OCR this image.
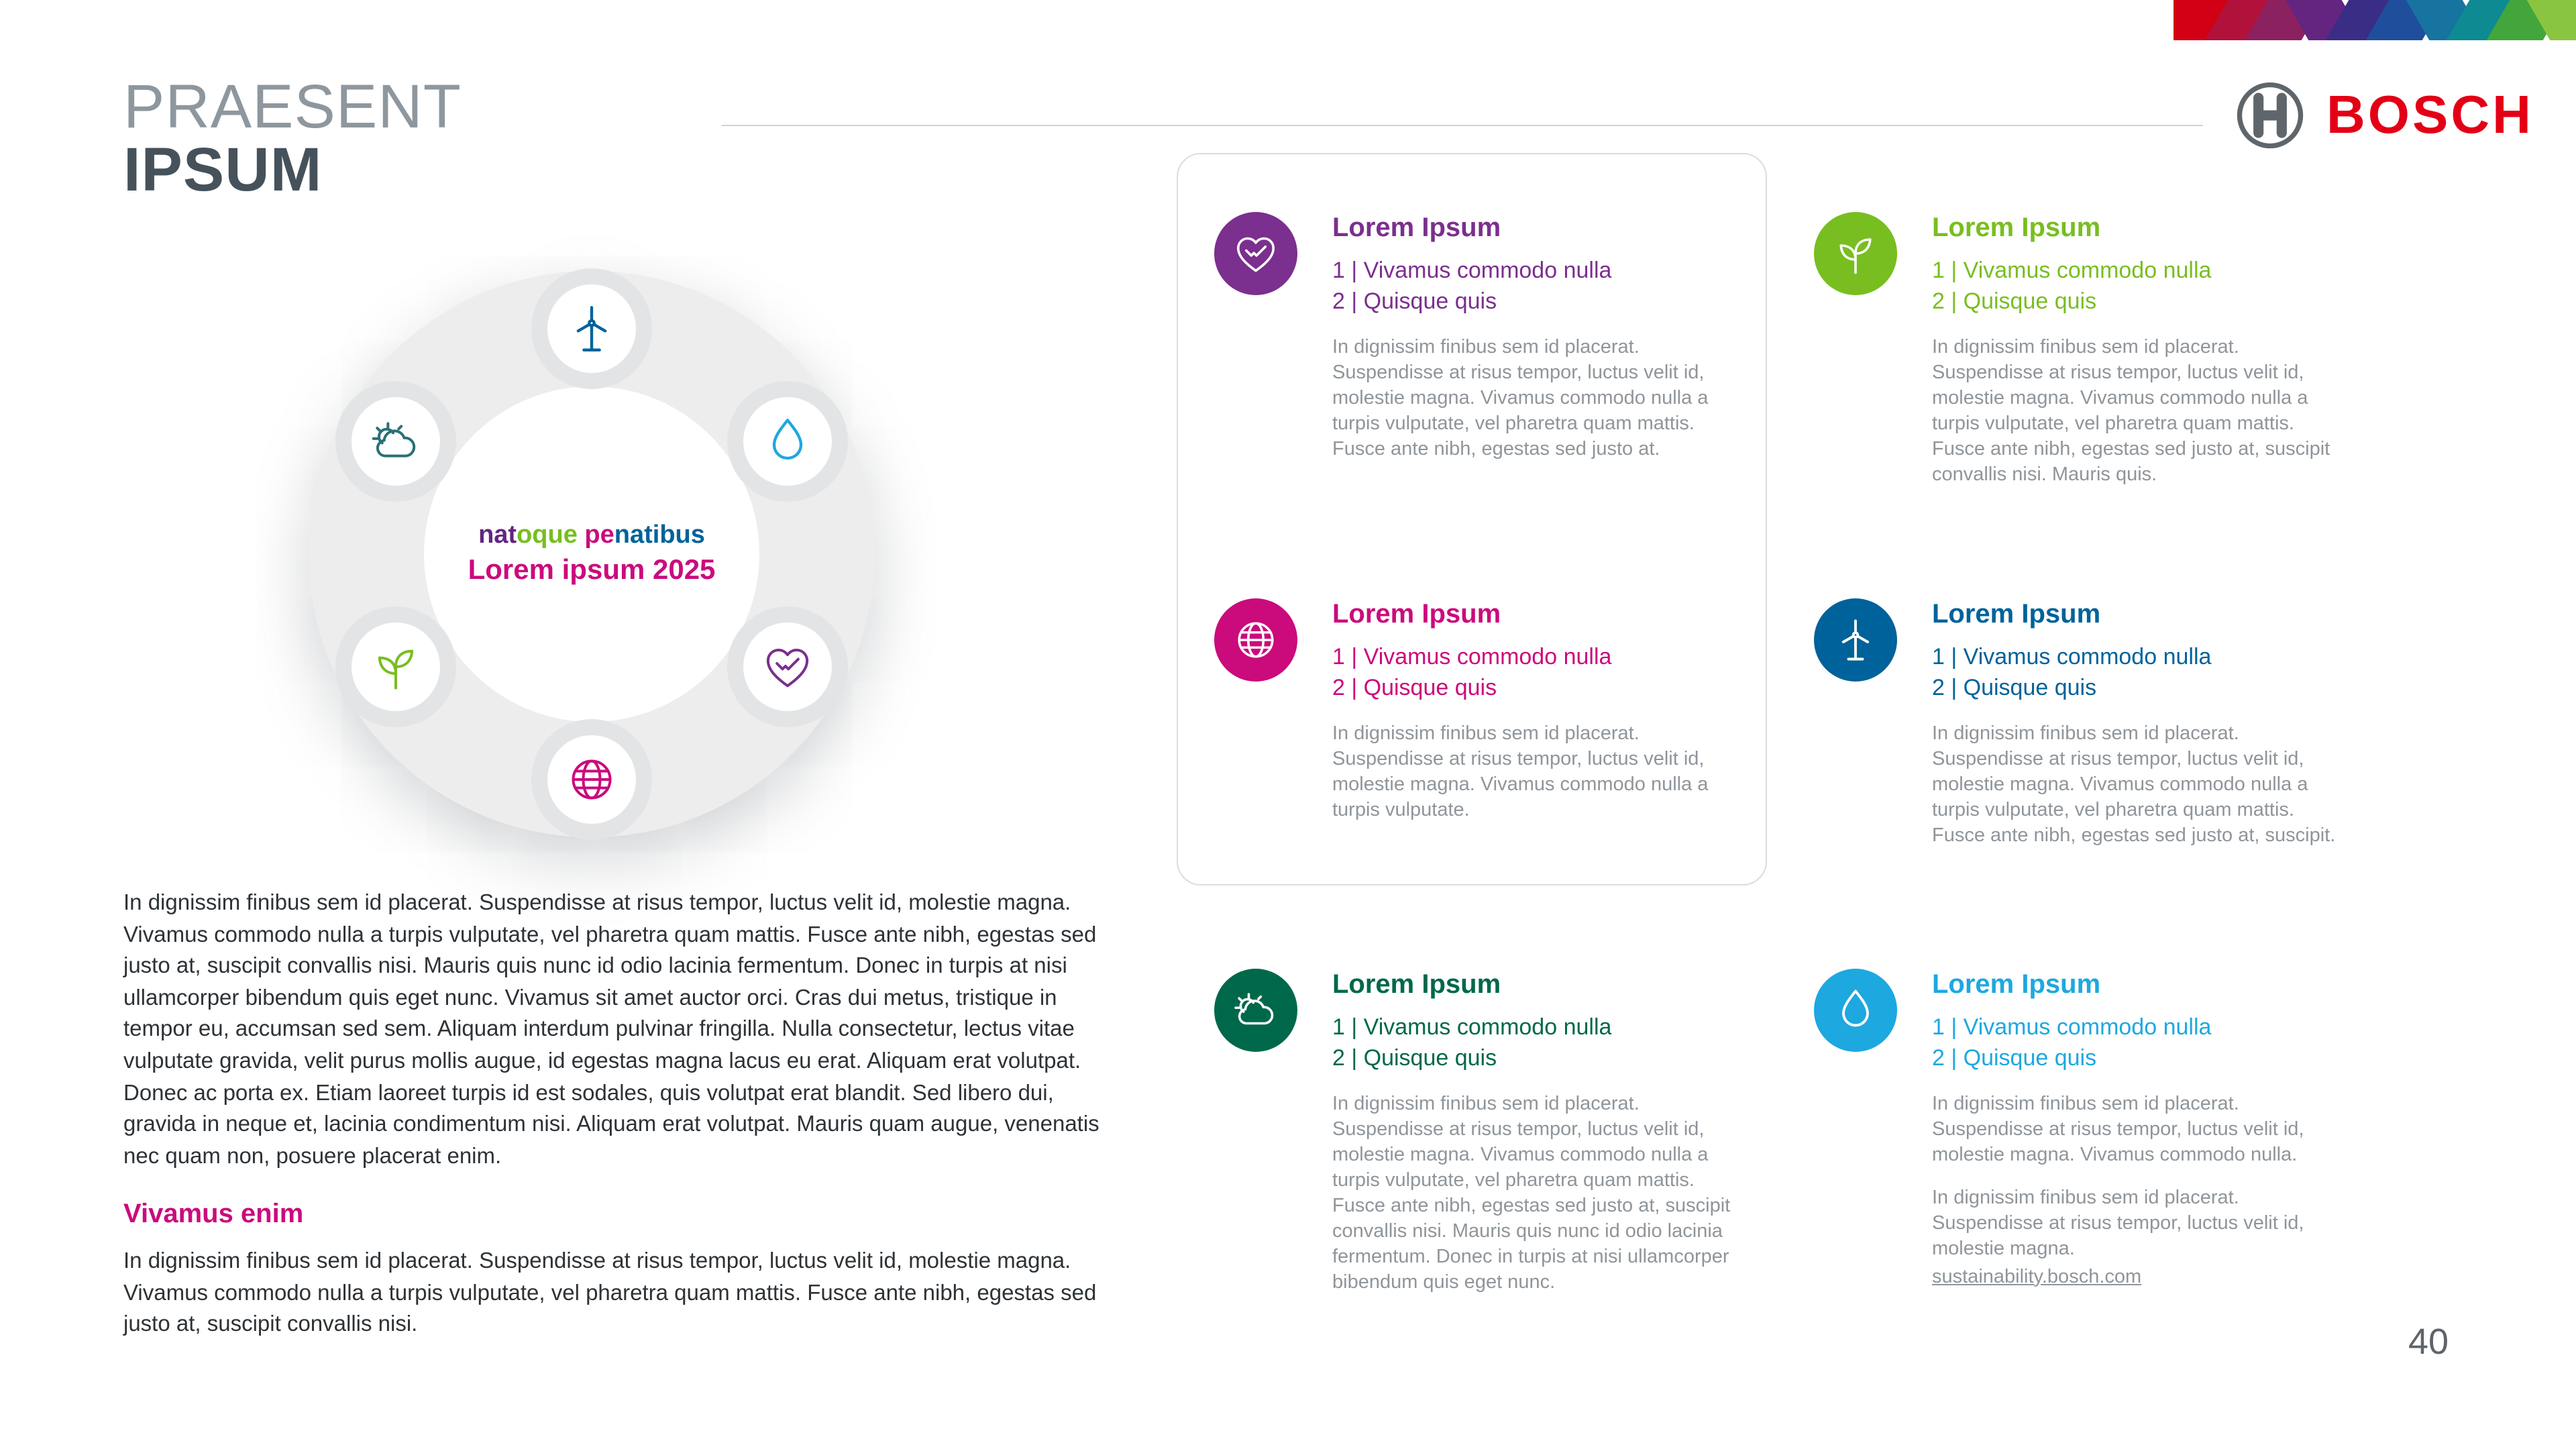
PRAESENT
IPSUM
BOSCH
natoque penatibus
Lorem ipsum 2025
In dignissim finibus sem id placerat. Suspendisse at risus tempor, luctus velit id, molestie magna. Vivamus commodo nulla a turpis vulputate, vel pharetra quam mattis. Fusce ante nibh, egestas sed justo at, suscipit convallis nisi. Mauris quis nunc id odio lacinia fermentum. Donec in turpis at nisi ullamcorper bibendum quis eget nunc. Vivamus sit amet auctor orci. Cras dui metus, tristique in tempor eu, accumsan sed sem. Aliquam interdum pulvinar fringilla. Nulla consectetur, lectus vitae vulputate gravida, velit purus mollis augue, id egestas magna lacus eu erat. Aliquam erat volutpat. Donec ac porta ex. Etiam laoreet turpis id est sodales, quis volutpat erat blandit. Sed libero dui, gravida in neque et, lacinia condimentum nisi. Aliquam erat volutpat. Mauris quam augue, venenatis nec quam non, posuere placerat enim.
Vivamus enim
In dignissim finibus sem id placerat. Suspendisse at risus tempor, luctus velit id, molestie magna. Vivamus commodo nulla a turpis vulputate, vel pharetra quam mattis. Fusce ante nibh, egestas sed justo at, suscipit convallis nisi.
Lorem Ipsum
1 | Vivamus commodo nulla
2 | Quisque quis
In dignissim finibus sem id placerat. Suspendisse at risus tempor, luctus velit id, molestie magna. Vivamus commodo nulla a turpis vulputate, vel pharetra quam mattis. Fusce ante nibh, egestas sed justo at.
Lorem Ipsum
1 | Vivamus commodo nulla
2 | Quisque quis
In dignissim finibus sem id placerat. Suspendisse at risus tempor, luctus velit id, molestie magna. Vivamus commodo nulla a turpis vulputate.
Lorem Ipsum
1 | Vivamus commodo nulla
2 | Quisque quis
In dignissim finibus sem id placerat. Suspendisse at risus tempor, luctus velit id, molestie magna. Vivamus commodo nulla a turpis vulputate, vel pharetra quam mattis. Fusce ante nibh, egestas sed justo at, suscipit convallis nisi. Mauris quis nunc id odio lacinia fermentum. Donec in turpis at nisi ullamcorper bibendum quis eget nunc.
Lorem Ipsum
1 | Vivamus commodo nulla
2 | Quisque quis
In dignissim finibus sem id placerat. Suspendisse at risus tempor, luctus velit id, molestie magna. Vivamus commodo nulla a turpis vulputate, vel pharetra quam mattis. Fusce ante nibh, egestas sed justo at, suscipit convallis nisi. Mauris quis.
Lorem Ipsum
1 | Vivamus commodo nulla
2 | Quisque quis
In dignissim finibus sem id placerat. Suspendisse at risus tempor, luctus velit id, molestie magna. Vivamus commodo nulla a turpis vulputate, vel pharetra quam mattis. Fusce ante nibh, egestas sed justo at, suscipit.
Lorem Ipsum
1 | Vivamus commodo nulla
2 | Quisque quis
In dignissim finibus sem id placerat. Suspendisse at risus tempor, luctus velit id, molestie magna. Vivamus commodo nulla.
In dignissim finibus sem id placerat. Suspendisse at risus tempor, luctus velit id, molestie magna.
sustainability.bosch.com
40
